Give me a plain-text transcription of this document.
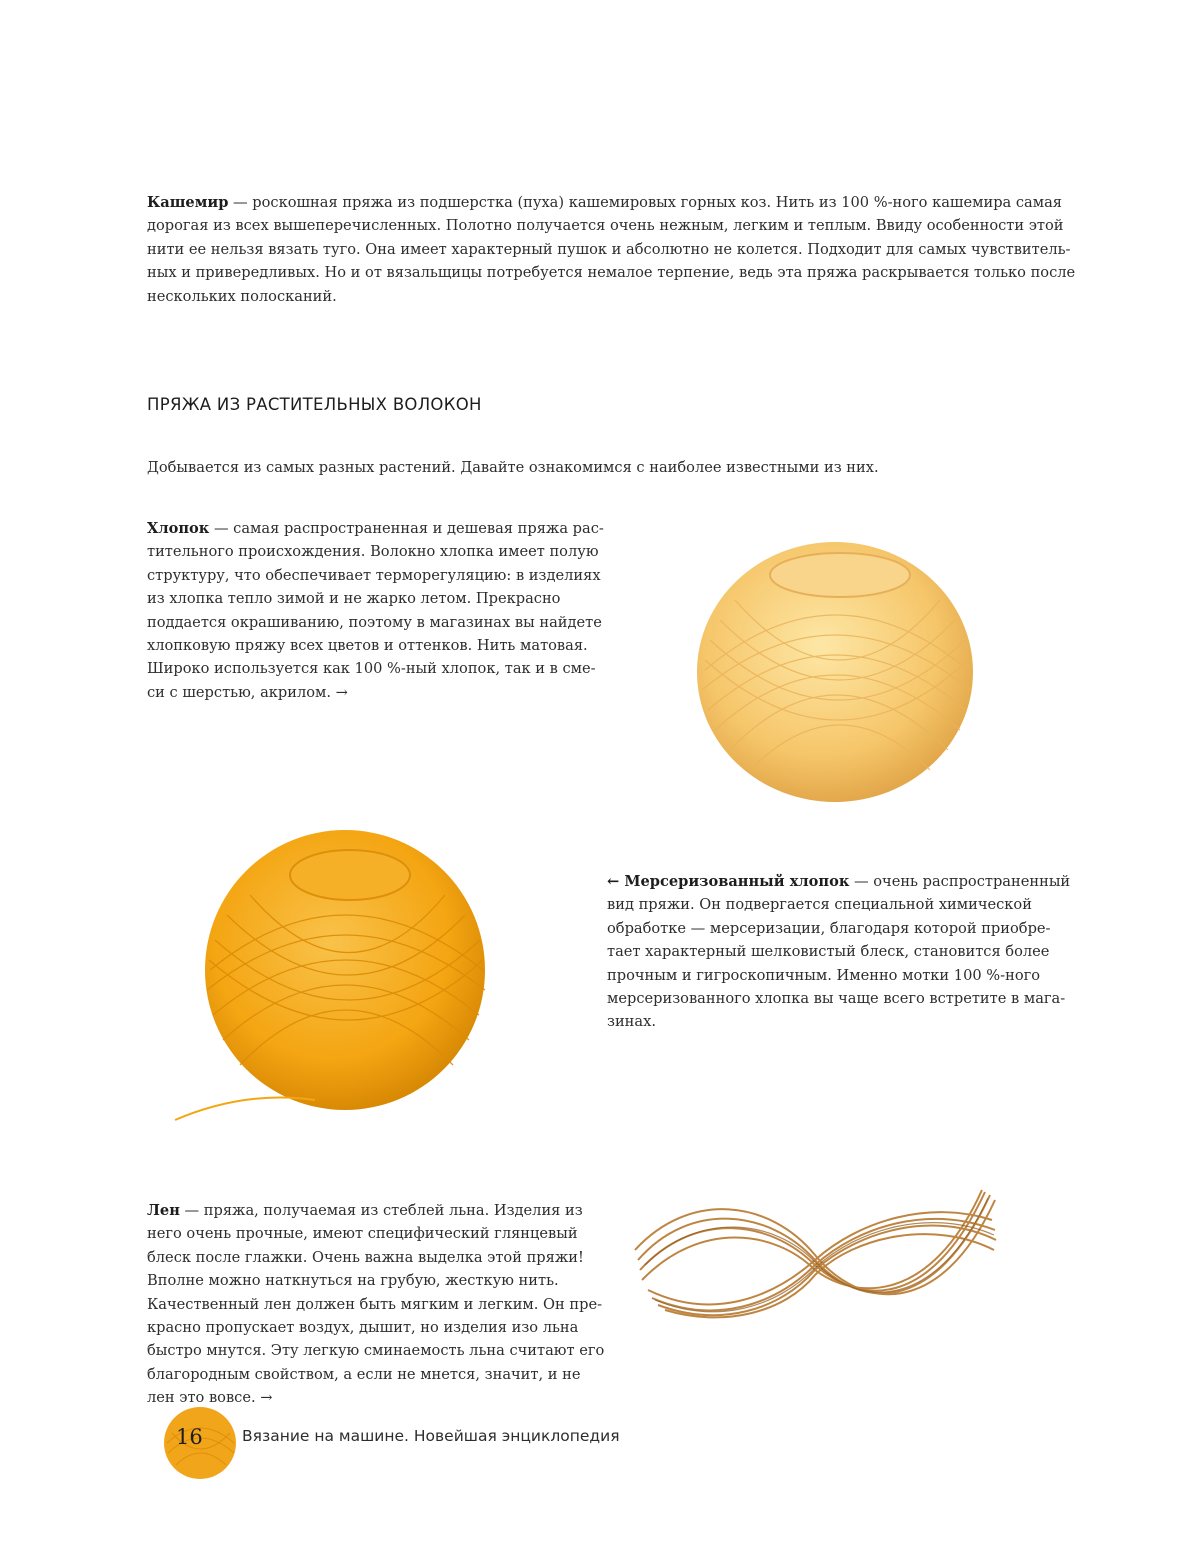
Кашемир — роскошная пряжа из подшерстка (пуха) кашемировых горных коз. Нить из 100 %-ного кашемира самая
дорогая из всех вышеперечисленных. Полотно получается очень нежным, легким и теплым. Ввиду особенности этой
нити ее нельзя вязать туго. Она имеет характерный пушок и абсолютно не колется. Подходит для самых чувствитель-
ных и привередливых. Но и от вязальщицы потребуется немалое терпение, ведь эта пряжа раскрывается только после
нескольких полосканий.
ПРЯЖА ИЗ РАСТИТЕЛЬНЫХ ВОЛОКОН
Добывается из самых разных растений. Давайте ознакомимся с наиболее известными из них.
Хлопок — самая распространенная и дешевая пряжа рас-
тительного происхождения. Волокно хлопка имеет полую
структуру, что обеспечивает терморегуляцию: в изделиях
из хлопка тепло зимой и не жарко летом. Прекрасно
поддается окрашиванию, поэтому в магазинах вы найдете
хлопковую пряжу всех цветов и оттенков. Нить матовая.
Широко используется как 100 %-ный хлопок, так и в сме-
си с шерстью, акрилом. →
← Мерсеризованный хлопок — очень распространенный
вид пряжи. Он подвергается специальной химической
обработке — мерсеризации, благодаря которой приобре-
тает характерный шелковистый блеск, становится более
прочным и гигроскопичным. Именно мотки 100 %-ного
мерсеризованного хлопка вы чаще всего встретите в мага-
зинах.
Лен — пряжа, получаемая из стеблей льна. Изделия из
него очень прочные, имеют специфический глянцевый
блеск после глажки. Очень важна выделка этой пряжи!
Вполне можно наткнуться на грубую, жесткую нить.
Качественный лен должен быть мягким и легким. Он пре-
красно пропускает воздух, дышит, но изделия изо льна
быстро мнутся. Эту легкую сминаемость льна считают его
благородным свойством, а если не мнется, значит, и не
лен это вовсе. →
16	Вязание на машине. Новейшая энциклопедия
